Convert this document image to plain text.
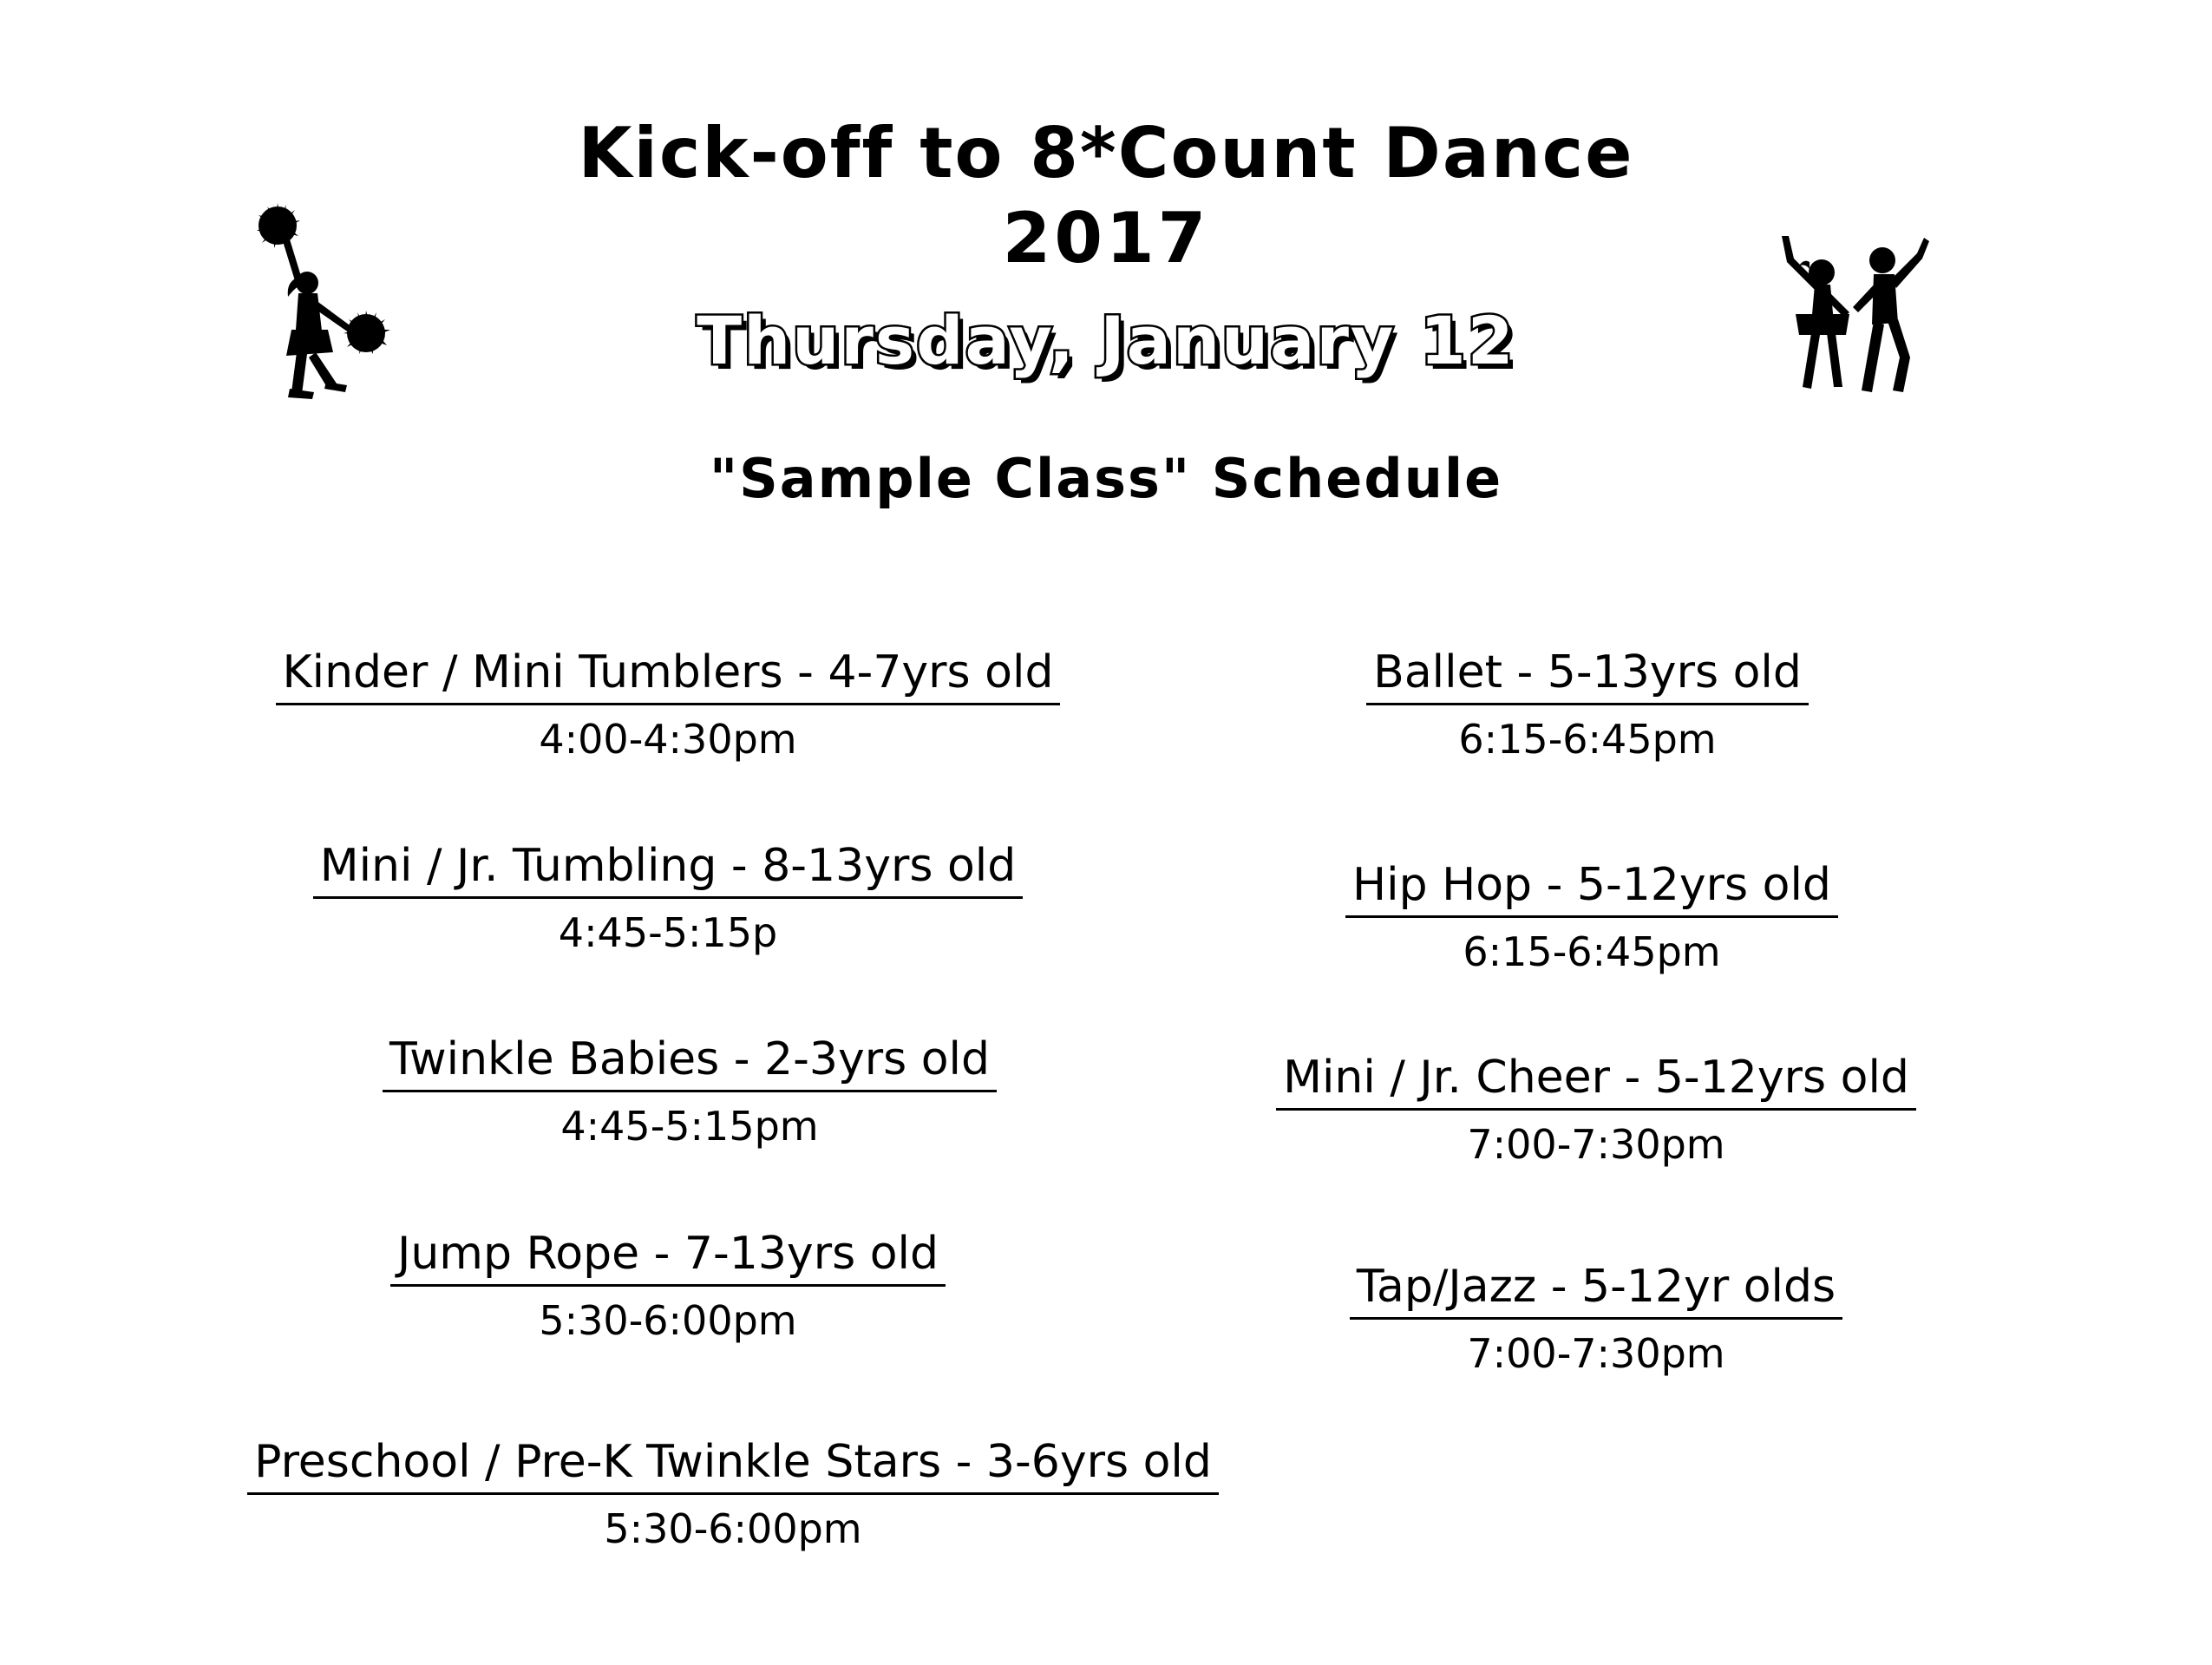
Kick-off to 8*Count Dance
2017
Thursday, January 12
"Sample Class" Schedule
Kinder / Mini Tumblers - 4-7yrs old
4:00-4:30pm
Mini / Jr. Tumbling - 8-13yrs old
4:45-5:15p
Twinkle Babies - 2-3yrs old
4:45-5:15pm
Jump Rope - 7-13yrs old
5:30-6:00pm
Preschool / Pre-K Twinkle Stars - 3-6yrs old
5:30-6:00pm
Ballet - 5-13yrs old
6:15-6:45pm
Hip Hop - 5-12yrs old
6:15-6:45pm
Mini / Jr. Cheer - 5-12yrs old
7:00-7:30pm
Tap/Jazz - 5-12yr olds
7:00-7:30pm
